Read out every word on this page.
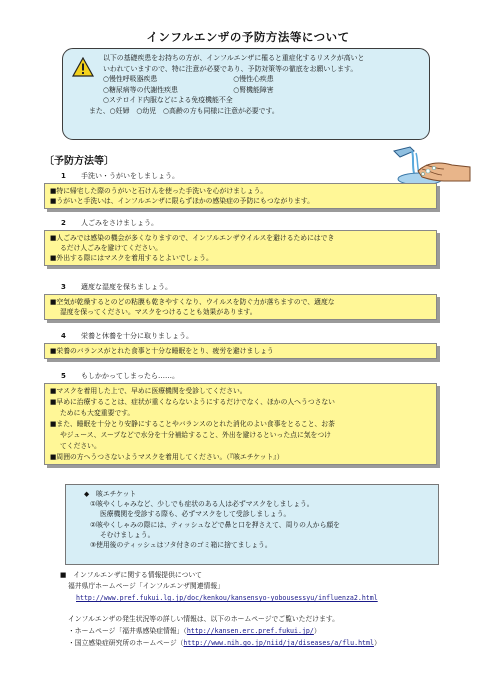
インフルエンザの予防方法等について
以下の基礎疾患をお持ちの方が、インフルエンザに罹ると重症化するリスクが高いと
いわれていますので、特に注意が必要であり、予防対策等の徹底をお願いします。
○慢性呼吸器疾患	○慢性心疾患
○糖尿病等の代謝性疾患	○腎機能障害
○ステロイド内服などによる免疫機能不全
また、○妊婦　○幼児　○高齢の方も同様に注意が必要です。
〔予防方法等〕
1 手洗い・うがいをしましょう。
■特に帰宅した際のうがいと石けんを使った手洗いを心がけましょう。
■うがいと手洗いは、インフルエンザに限らずほかの感染症の予防にもつながります。
2 人ごみをさけましょう。
■人ごみでは感染の機会が多くなりますので、インフルエンザウイルスを避けるためにはでき
るだけ人ごみを避けてください。
■外出する際にはマスクを着用するとよいでしょう。
3 適度な湿度を保ちましょう。
■空気が乾燥するとのどの粘膜も乾きやすくなり、ウイルスを防ぐ力が落ちますので、適度な
湿度を保ってください。マスクをつけることも効果があります。
4 栄養と休養を十分に取りましょう。
■栄養のバランスがとれた食事と十分な睡眠をとり、疲労を避けましょう
5 もしかかってしまったら……。
■マスクを着用した上で、早めに医療機関を受診してください。
■早めに治療することは、症状が重くならないようにするだけでなく、ほかの人へうつさない
ためにも大変重要です。
■また、睡眠を十分とり安静にすることやバランスのとれた消化のよい食事をとること、お茶
やジュース、スープなどで水分を十分補給すること、外出を避けるといった点に気をつけ
てください。
■周囲の方へうつさないようマスクを着用してください。（『咳エチケット』）
◆　咳エチケット
①咳やくしゃみなど、少しでも症状のある人は必ずマスクをしましょう。
医療機関を受診する際も、必ずマスクをして受診しましょう。
②咳やくしゃみの際には、ティッシュなどで鼻と口を押さえて、周りの人から顔を
そむけましょう。
③使用後のティッシュはフタ付きのゴミ箱に捨てましょう。
■　インフルエンザに関する情報提供について
福井県庁ホームページ「インフルエンザ関連情報」
http://www.pref.fukui.lg.jp/doc/kenkou/kansensyo-yobousessyu/influenza2.html
インフルエンザの発生状況等の詳しい情報は、以下のホームページでご覧いただけます。
・ホームページ「福井県感染症情報」（http://kansen.erc.pref.fukui.jp/）
・国立感染症研究所のホームページ（http://www.nih.go.jp/niid/ja/diseases/a/flu.html）
